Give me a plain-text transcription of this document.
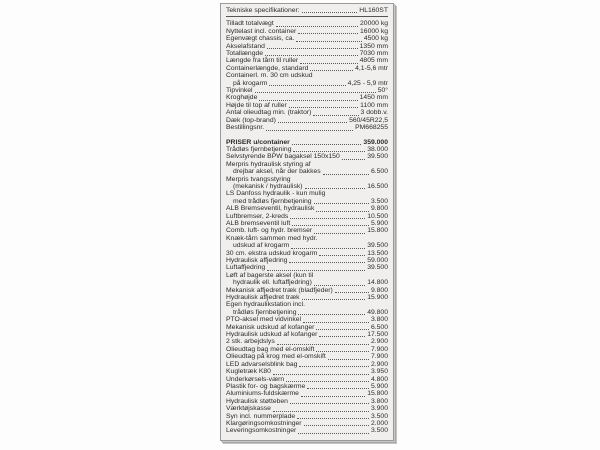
Tekniske specifikationer:	HL160ST
Tilladt totalvægt	20000 kg
Nyttelast incl. container	16000 kg
Egenvægt chassis, ca.	4500 kg
Akselafstand	1350 mm
Totallængde	7030 mm
Længde fra tårn til ruller	4805 mm
Containerlængde, standard	4,1-5,6 mtr
Containerl. m. 30 cm udskud
på krogarm	4,25 - 5,9 mtr
Tipvinkel	50°
Kroghøjde	1450 mm
Højde til top af ruller	1100 mm
Antal olieudtag min. (traktor)	3 dobb.v.
Dæk (top-brand)	560/45R22,5
Bestillingsnr.	PM668255
PRISER u/container	359.000
Trådløs fjernbetjening	38.000
Selvstyrende BPW bagaksel 150x150	39.500
Merpris hydraulisk styring af
drejbar aksel, når der bakkes	6.500
Merpris tvangsstyring
(mekanisk / hydraulisk)	16.500
LS Danfoss hydraulik - kun mulig
med trådløs fjernbetjening	3.500
ALB Bremseventil, hydraulisk	9.800
Luftbremser, 2-kreds	10.500
ALB bremseventil luft	5.900
Comb. luft- og hydr. bremser	15.800
Knæk-tårn sammen med hydr.
udskud af krogarm	39.500
30 cm. ekstra udskud krogarm	13.500
Hydraulisk affjedring	59.000
Luftaffjedring	39.500
Løft af bagerste aksel (kun til
hydraulik ell. luftaffjedring)	14.800
Mekanisk affjedret træk (bladfjeder)	9.800
Hydraulisk affjedret træk	15.900
Egen hydraulikstation incl.
trådløs fjernbetjening	49.800
PTO-aksel med vidvinkel	3.800
Mekanisk udskud af kofanger	6.500
Hydraulisk udskud af kofanger	17.500
2 stk. arbejdslys	2.900
Olieudtag bag med el-omskift	7.900
Olieudtag på krog med el-omskift	7.900
LED advarselsblink bag	2.900
Kugletræk K80	3.950
Underkørsels-værn	4.800
Plastik for- og bagskærme	5.900
Aluminiums-fuldskærme	15.800
Hydraulisk støtteben	3.800
Værktøjskasse	3.900
Syn incl. nummerplade	3.500
Klargøringsomkostninger	2.000
Leveringsomkostninger	3.500
